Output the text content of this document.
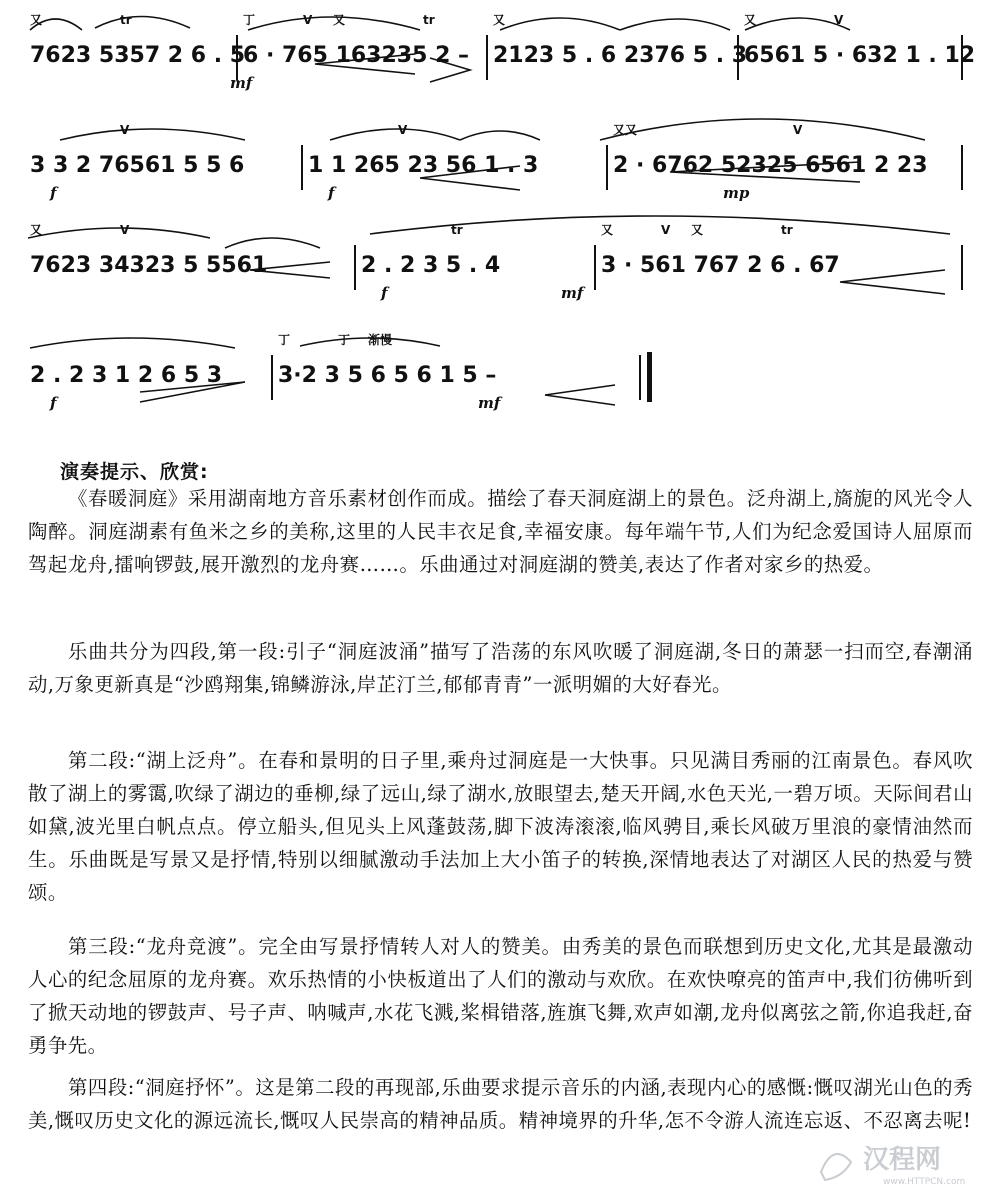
7623 5357 2 6 . 5
又	tr
mf
6 · 765 163235 2 –
丁	又	tr
V
2123 5 . 6 2376 5 . 3
又
6561 5 · 632 1 . 12
又	V
3 3 2 76561 5 5 6
f
V
1 1 265 23 56 1 . 3
f
V
2 · 6762 52325 6561 2 23
又又
mp
V
7623 34323 5 5561
又	V
2 . 2 3 5 . 4
f
tr
mf
3 · 561 767 2 6 . 67
又	又	tr
V
2 . 2 3 1 2 6 5 3
f
3·2 3 5 6 5 6 1 5 –
丁	渐慢
mf
丁
演奏提示、欣赏:
《春暖洞庭》采用湖南地方音乐素材创作而成。描绘了春天洞庭湖上的景色。泛舟湖上,旖旎的风光令人陶醉。洞庭湖素有鱼米之乡的美称,这里的人民丰衣足食,幸福安康。每年端午节,人们为纪念爱国诗人屈原而驾起龙舟,擂响锣鼓,展开激烈的龙舟赛……。乐曲通过对洞庭湖的赞美,表达了作者对家乡的热爱。
乐曲共分为四段,第一段:引子“洞庭波涌”描写了浩荡的东风吹暖了洞庭湖,冬日的萧瑟一扫而空,春潮涌动,万象更新真是“沙鸥翔集,锦鳞游泳,岸芷汀兰,郁郁青青”一派明媚的大好春光。
第二段:“湖上泛舟”。在春和景明的日子里,乘舟过洞庭是一大快事。只见满目秀丽的江南景色。春风吹散了湖上的雾霭,吹绿了湖边的垂柳,绿了远山,绿了湖水,放眼望去,楚天开阔,水色天光,一碧万顷。天际间君山如黛,波光里白帆点点。停立船头,但见头上风蓬鼓荡,脚下波涛滚滚,临风骋目,乘长风破万里浪的豪情油然而生。乐曲既是写景又是抒情,特别以细腻激动手法加上大小笛子的转换,深情地表达了对湖区人民的热爱与赞颂。
第三段:“龙舟竞渡”。完全由写景抒情转人对人的赞美。由秀美的景色而联想到历史文化,尤其是最激动人心的纪念屈原的龙舟赛。欢乐热情的小快板道出了人们的激动与欢欣。在欢快嘹亮的笛声中,我们彷佛听到了掀天动地的锣鼓声、号子声、呐喊声,水花飞溅,桨楫错落,旌旗飞舞,欢声如潮,龙舟似离弦之箭,你追我赶,奋勇争先。
第四段:“洞庭抒怀”。这是第二段的再现部,乐曲要求提示音乐的内涵,表现内心的感慨:慨叹湖光山色的秀美,慨叹历史文化的源远流长,慨叹人民崇高的精神品质。精神境界的升华,怎不令游人流连忘返、不忍离去呢!
汉程网
www.HTTPCN.com
